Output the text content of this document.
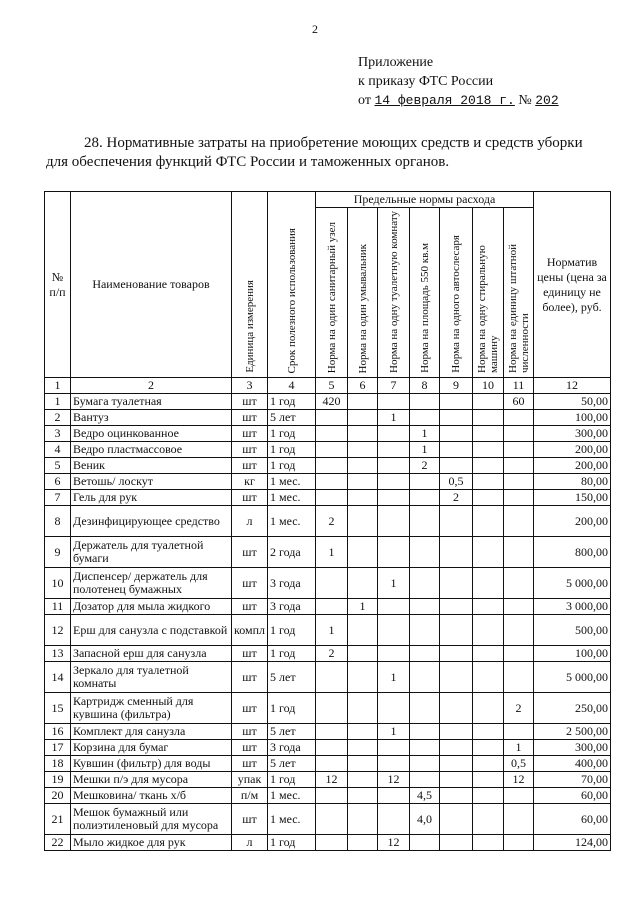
2
Приложение
к приказу ФТС России
от 14 февраля 2018 г. № 202
28. Нормативные затраты на приобретение моющих средств и средств уборки для обеспечения функций ФТС России и таможенных органов.
№ п/п	Наименование товаров	Единица измерения	Срок полезного использования	Предельные нормы расхода							Норматив цены (цена за единицу не более), руб.
				Норма на один санитарный узел	Норма на один умывальник	Норма на одну туалетную комнату	Норма на площадь 550 кв.м	Норма на одного автослесаря	Норма на одну стиральную машину	Норма на единицу штатной численности	
1	2	3	4	5	6	7	8	9	10	11	12
1	Бумага туалетная	шт	1 год	420						60	50,00
2	Вантуз	шт	5 лет			1					100,00
3	Ведро оцинкованное	шт	1 год				1				300,00
4	Ведро пластмассовое	шт	1 год				1				200,00
5	Веник	шт	1 год				2				200,00
6	Ветошь/ лоскут	кг	1 мес.					0,5			80,00
7	Гель для рук	шт	1 мес.					2			150,00
8	Дезинфицирующее средство	л	1 мес.	2							200,00
9	Держатель для туалетной бумаги	шт	2 года	1							800,00
10	Диспенсер/ держатель для полотенец бумажных	шт	3 года			1					5 000,00
11	Дозатор для мыла жидкого	шт	3 года		1						3 000,00
12	Ерш для санузла с подставкой	компл	1 год	1							500,00
13	Запасной ерш для санузла	шт	1 год	2							100,00
14	Зеркало для туалетной комнаты	шт	5 лет			1					5 000,00
15	Картридж сменный для кувшина (фильтра)	шт	1 год							2	250,00
16	Комплект для санузла	шт	5 лет			1					2 500,00
17	Корзина для бумаг	шт	3 года							1	300,00
18	Кувшин (фильтр) для воды	шт	5 лет							0,5	400,00
19	Мешки п/э для мусора	упак	1 год	12		12				12	70,00
20	Мешковина/ ткань х/б	п/м	1 мес.				4,5				60,00
21	Мешок бумажный или полиэтиленовый для мусора	шт	1 мес.				4,0				60,00
22	Мыло жидкое для рук	л	1 год			12					124,00
